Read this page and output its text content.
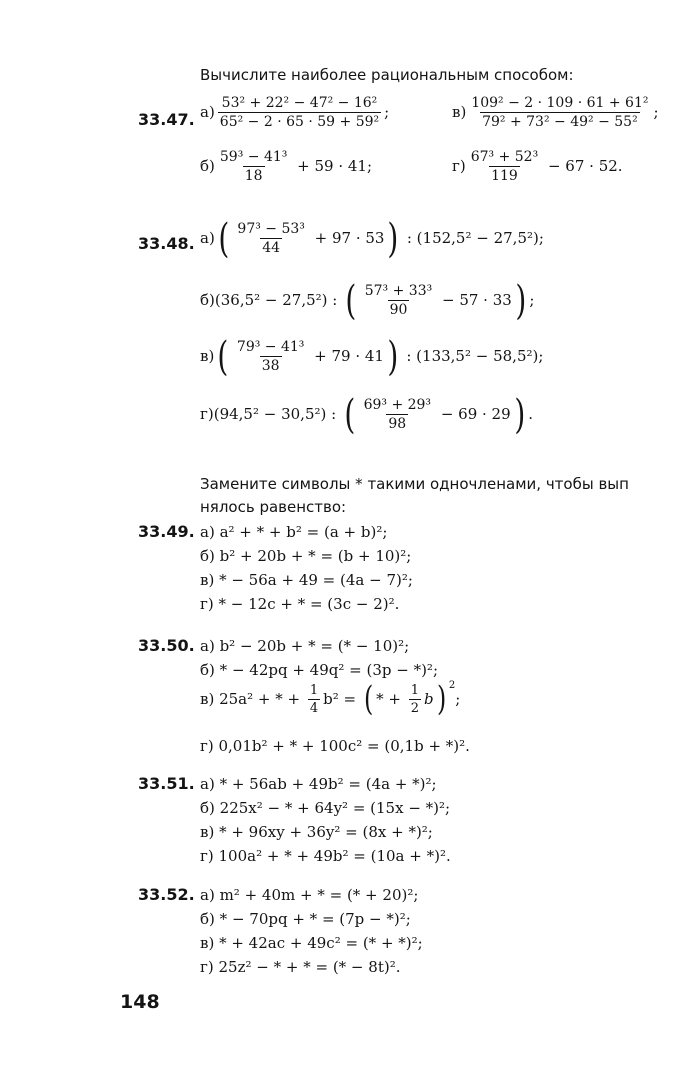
Вычислите наиболее рациональным способом:
33.47. $а) \frac{\text{53² + 22² − 47² − 16²}}{\text{65² − 2 · 65 · 59 + 59²}}$ ;	$в) \frac{\text{109² − 2 · 109 · 61 + 61²}}{\text{79² + 73² − 49² − 55²}}$ ;
$б) \frac{\text{59³ − 41³}}{18} + 59 \cdot 41$;	$г) \frac{\text{67³ + 52³}}{119} - 67 \cdot 52$.
33.48. а) ( $\frac{\text{97³ − 53³}}{44} + 97 \cdot 53$ ) : (152,5² − 27,5²);
б) (36,5² − 27,5²) : ( $\frac{\text{57³ + 33³}}{90} - 57 \cdot 33$ ) ;
в) ( $\frac{\text{79³ − 41³}}{38} + 79 \cdot 41$ ) : (133,5² − 58,5²);
г) (94,5² − 30,5²) : ( $\frac{\text{69³ + 29³}}{98} - 69 \cdot 29$ ) .
Замените символы * такими одночленами, чтобы вып
нялось равенство:
33.49. а)
a² + * + b² = (a + b)²;
б)
b² + 20b + * = (b + 10)²;
в)
* − 56a + 49 = (4a − 7)²;
г)
* − 12c + * = (3c − 2)².
33.50. а)
b² − 20b + * = (* − 10)²;
б)
* − 42pq + 49q² = (3p − *)²;
в)
25a² + * + $\frac{1}{4} b^2$ = ( * + $\frac{1}{2}$ b ) 2
;
г)
0,01b² + * + 100c² = (0,1b + *)².
33.51. а)
* + 56ab + 49b² = (4a + *)²;
б)
225x² − * + 64y² = (15x − *)²;
в)
* + 96xy + 36y² = (8x + *)²;
г)
100a² + * + 49b² = (10a + *)².
33.52. а)
m² + 40m + * = (* + 20)²;
б)
* − 70pq + * = (7p − *)²;
в)
* + 42ac + 49c² = (* + *)²;
г)
25z² − * + * = (* − 8t)².
148
